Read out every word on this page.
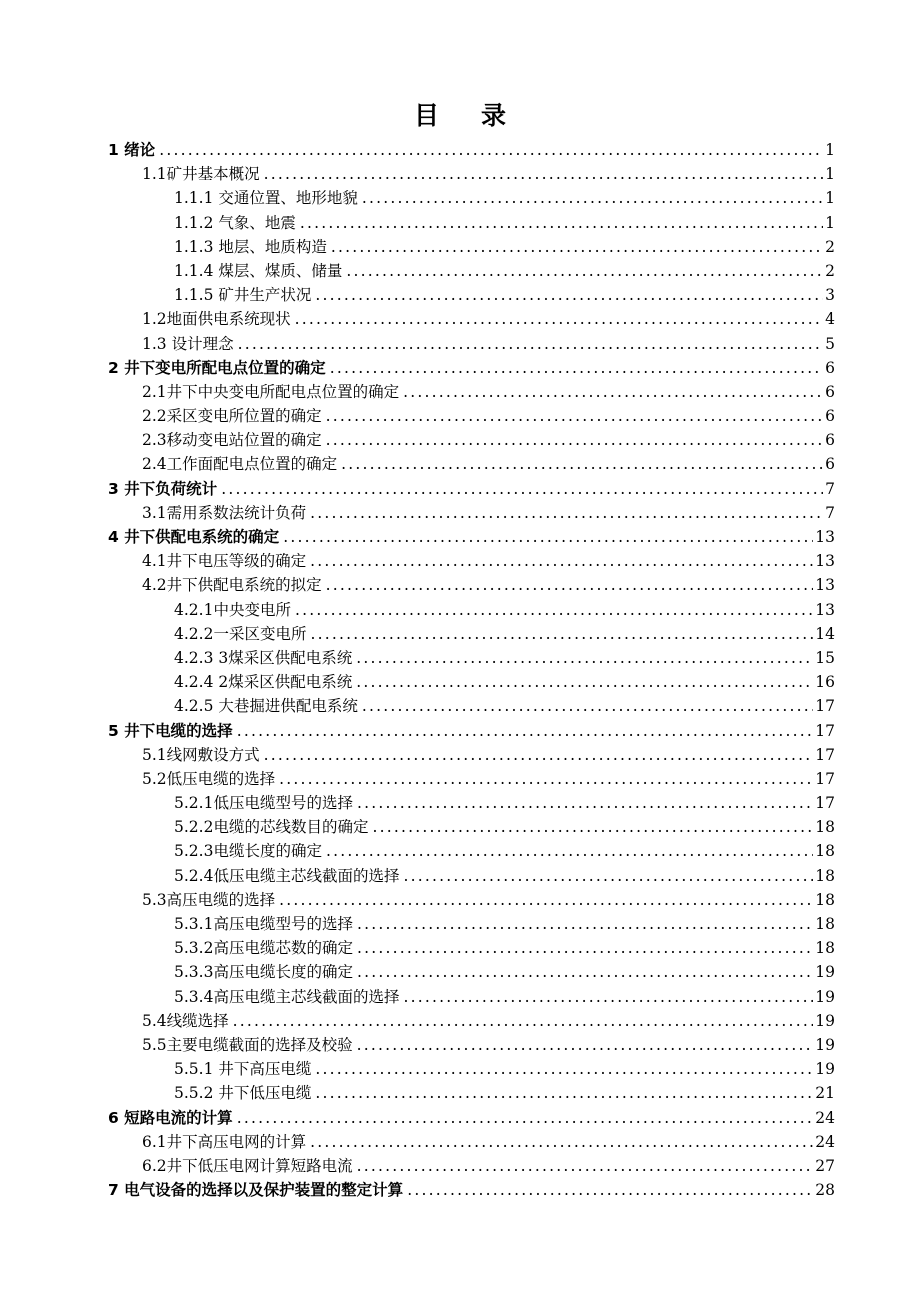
目 录
1 绪论 .....	1
1.1矿井基本概况 .....	1
1.1.1 交通位置、地形地貌 .....	1
1.1.2 气象、地震 .....	1
1.1.3 地层、地质构造 .....	2
1.1.4 煤层、煤质、储量 .....	2
1.1.5 矿井生产状况 .....	3
1.2地面供电系统现状 .....	4
1.3 设计理念 .....	5
2 井下变电所配电点位置的确定 .....	6
2.1井下中央变电所配电点位置的确定 .....	6
2.2采区变电所位置的确定 .....	6
2.3移动变电站位置的确定 .....	6
2.4工作面配电点位置的确定 .....	6
3 井下负荷统计 .....	7
3.1需用系数法统计负荷 .....	7
4 井下供配电系统的确定 .....	13
4.1井下电压等级的确定 .....	13
4.2井下供配电系统的拟定 .....	13
4.2.1中央变电所 .....	13
4.2.2一采区变电所 .....	14
4.2.3 3煤采区供配电系统 .....	15
4.2.4 2煤采区供配电系统 .....	16
4.2.5 大巷掘进供配电系统 .....	17
5 井下电缆的选择 .....	17
5.1线网敷设方式 .....	17
5.2低压电缆的选择 .....	17
5.2.1低压电缆型号的选择 .....	17
5.2.2电缆的芯线数目的确定 .....	18
5.2.3电缆长度的确定 .....	18
5.2.4低压电缆主芯线截面的选择 .....	18
5.3高压电缆的选择 .....	18
5.3.1高压电缆型号的选择 .....	18
5.3.2高压电缆芯数的确定 .....	18
5.3.3高压电缆长度的确定 .....	19
5.3.4高压电缆主芯线截面的选择 .....	19
5.4线缆选择 .....	19
5.5主要电缆截面的选择及校验 .....	19
5.5.1 井下高压电缆 .....	19
5.5.2 井下低压电缆 .....	21
6 短路电流的计算 .....	24
6.1井下高压电网的计算 .....	24
6.2井下低压电网计算短路电流 .....	27
7 电气设备的选择以及保护装置的整定计算 .....	28
